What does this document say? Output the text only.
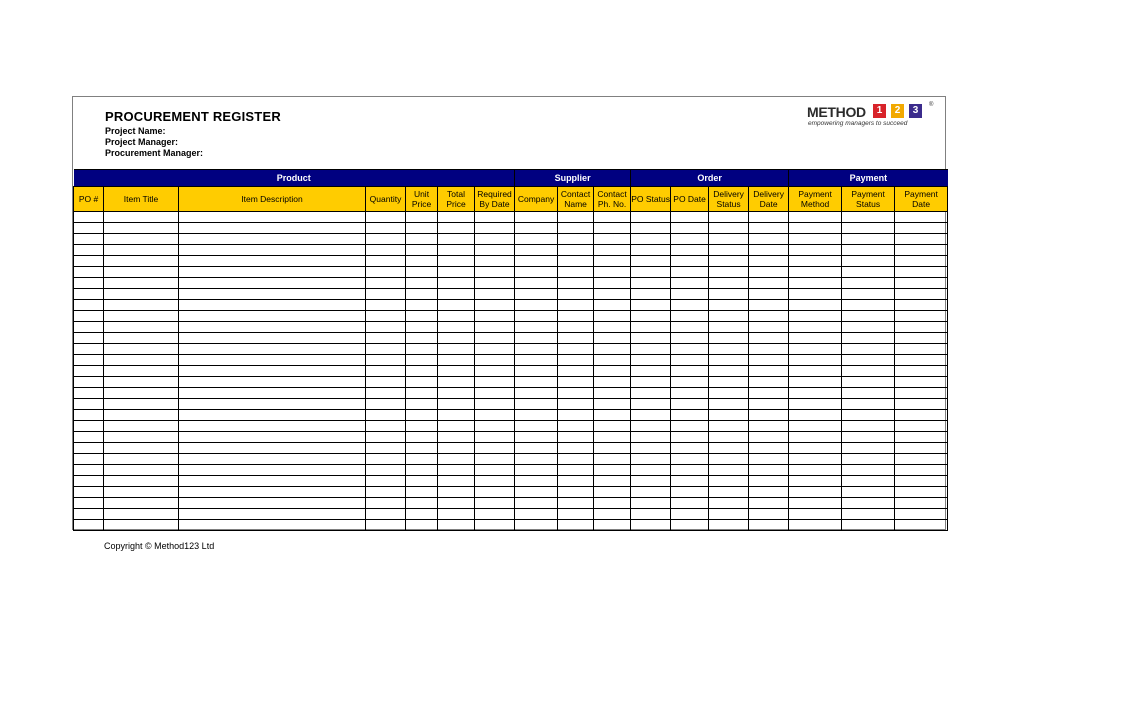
PROCUREMENT REGISTER
Project Name:
Project Manager:
Procurement Manager:
METHOD	1	2	3	®
empowering managers to succeed
Product							Supplier			Order				Payment		
PO #	Item Title	Item Description	Quantity	Unit Price	Total Price	Required By Date	Company	Contact Name	Contact Ph. No.	PO Status	PO Date	Delivery Status	Delivery Date	Payment Method	Payment Status	Payment Date

Copyright © Method123 Ltd
